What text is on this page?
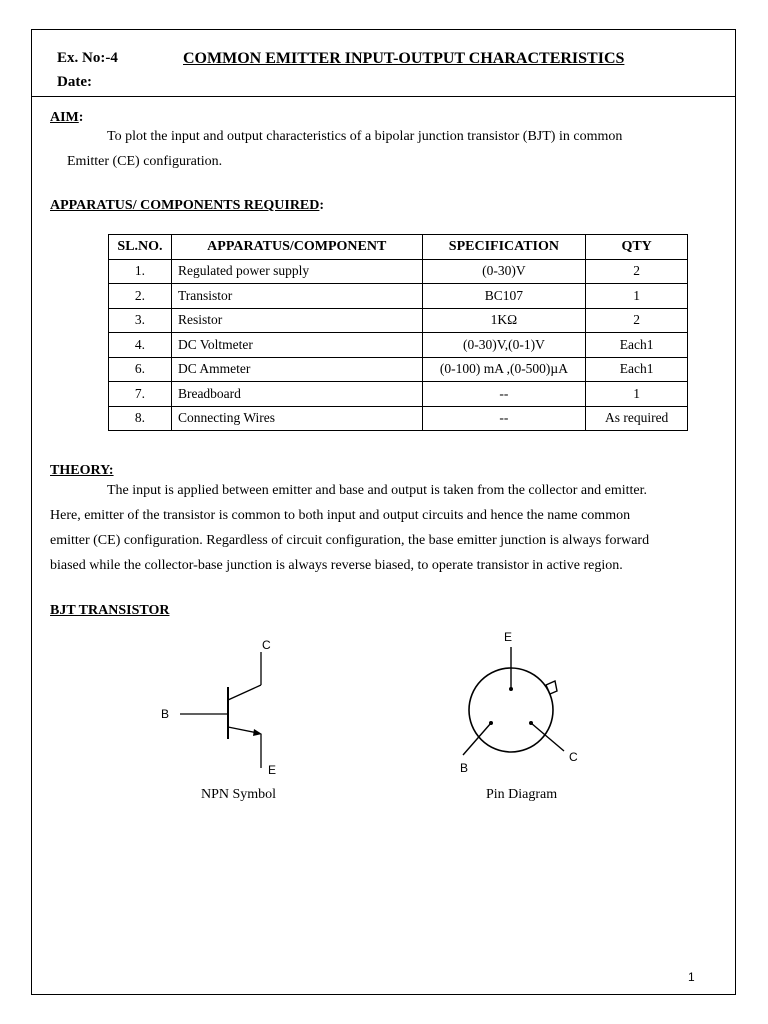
Ex. No:-4
Date:
COMMON EMITTER INPUT-OUTPUT CHARACTERISTICS
AIM:
To plot the input and output characteristics of a bipolar junction transistor (BJT) in common
Emitter (CE) configuration.
APPARATUS/ COMPONENTS REQUIRED:
SL.NO.	APPARATUS/COMPONENT	SPECIFICATION	QTY
1.	Regulated power supply	(0-30)V	2
2.	Transistor	BC107	1
3.	Resistor	1KΩ	2
4.	DC Voltmeter	(0-30)V,(0-1)V	Each1
6.	DC Ammeter	(0-100) mA ,(0-500)µA	Each1
7.	Breadboard	--	1
8.	Connecting Wires	--	As required
THEORY:
The input is applied between emitter and base and output is taken from the collector and emitter.
Here, emitter of the transistor is common to both input and output circuits and hence the name common
emitter (CE) configuration. Regardless of circuit configuration, the base emitter junction is always forward
biased while the collector-base junction is always reverse biased, to operate transistor in active region.
BJT TRANSISTOR
C
B
E
NPN Symbol
E
B
C
Pin Diagram
1
